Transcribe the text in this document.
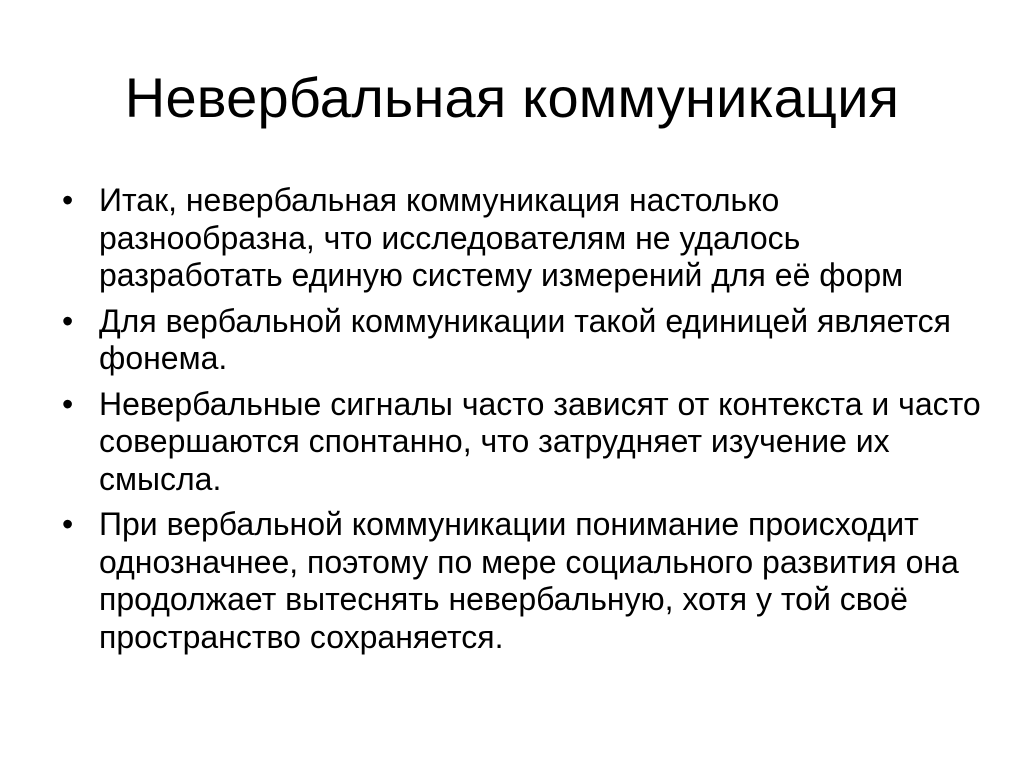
Невербальная коммуникация
• Итак, невербальная коммуникация настолько разнообразна, что исследователям не удалось разработать единую систему измерений для её форм
• Для вербальной коммуникации такой единицей является фонема.
• Невербальные сигналы часто зависят от контекста и часто совершаются спонтанно, что затрудняет изучение их смысла.
• При вербальной коммуникации понимание происходит однозначнее, поэтому по мере социального развития она продолжает вытеснять невербальную, хотя у той своё пространство сохраняется.
